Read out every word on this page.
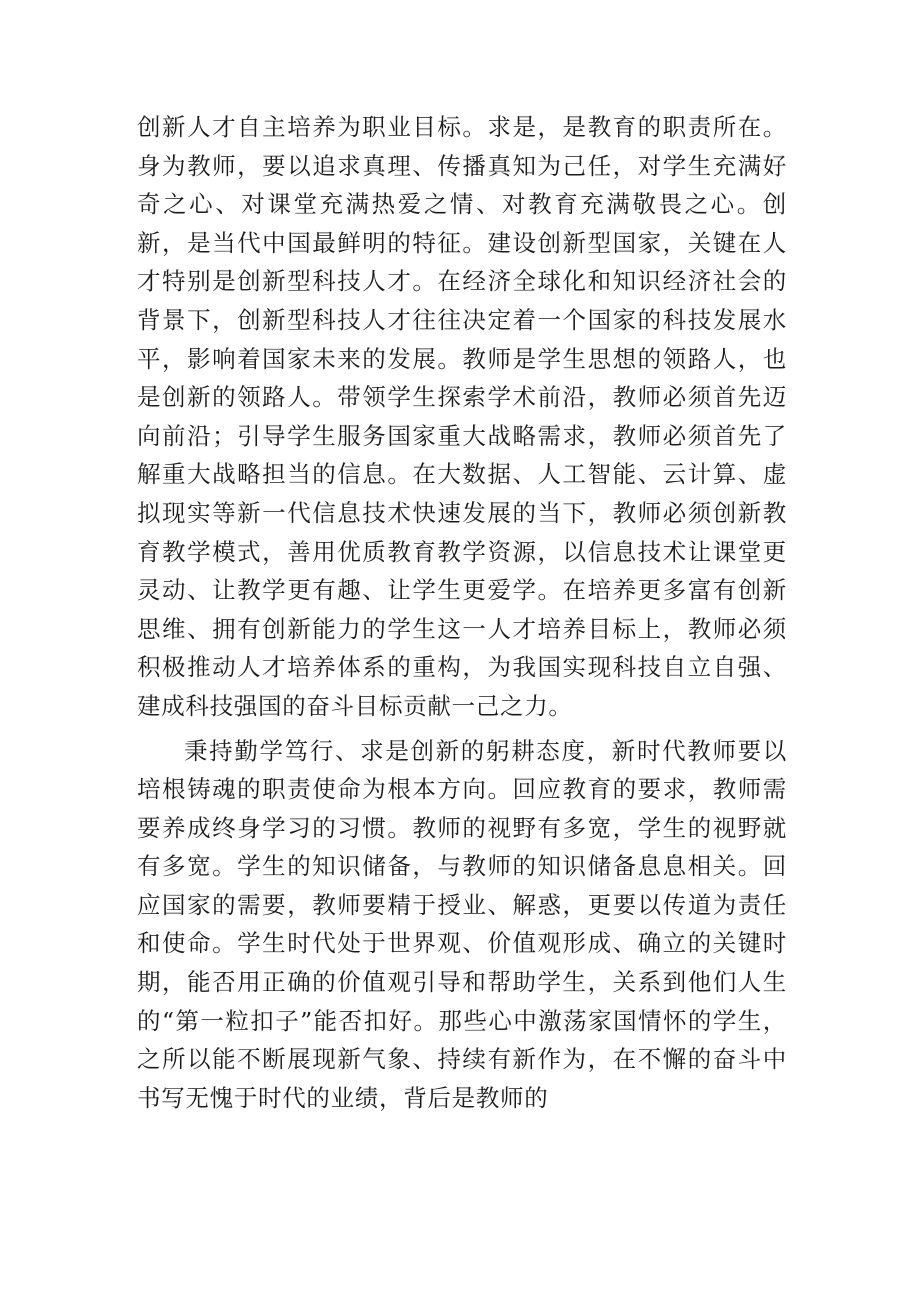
创新人才自主培养为职业目标。求是，是教育的职责所在。身为教师，要以追求真理、传播真知为己任，对学生充满好奇之心、对课堂充满热爱之情、对教育充满敬畏之心。创新，是当代中国最鲜明的特征。建设创新型国家，关键在人才特别是创新型科技人才。在经济全球化和知识经济社会的背景下，创新型科技人才往往决定着一个国家的科技发展水平，影响着国家未来的发展。教师是学生思想的领路人，也是创新的领路人。带领学生探索学术前沿，教师必须首先迈向前沿；引导学生服务国家重大战略需求，教师必须首先了解重大战略担当的信息。在大数据、人工智能、云计算、虚拟现实等新一代信息技术快速发展的当下，教师必须创新教育教学模式，善用优质教育教学资源，以信息技术让课堂更灵动、让教学更有趣、让学生更爱学。在培养更多富有创新思维、拥有创新能力的学生这一人才培养目标上，教师必须积极推动人才培养体系的重构，为我国实现科技自立自强、建成科技强国的奋斗目标贡献一己之力。

秉持勤学笃行、求是创新的躬耕态度，新时代教师要以培根铸魂的职责使命为根本方向。回应教育的要求，教师需要养成终身学习的习惯。教师的视野有多宽，学生的视野就有多宽。学生的知识储备，与教师的知识储备息息相关。回应国家的需要，教师要精于授业、解惑，更要以传道为责任和使命。学生时代处于世界观、价值观形成、确立的关键时期，能否用正确的价值观引导和帮助学生，关系到他们人生的“第一粒扣子”能否扣好。那些心中激荡家国情怀的学生，之所以能不断展现新气象、持续有新作为，在不懈的奋斗中书写无愧于时代的业绩，背后是教师的
